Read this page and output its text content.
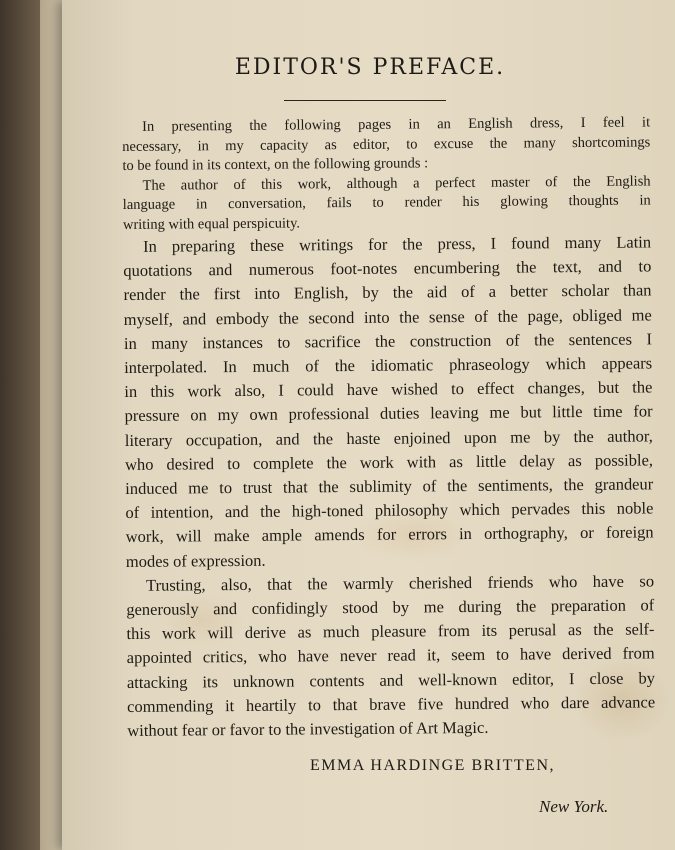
EDITOR'S PREFACE.
In presenting the following pages in an English dress, I feel it
necessary, in my capacity as editor, to excuse the many shortcomings
to be found in its context, on the following grounds :
The author of this work, although a perfect master of the English
language in conversation, fails to render his glowing thoughts in
writing with equal perspicuity.
In preparing these writings for the press, I found many Latin
quotations and numerous foot-notes encumbering the text, and to
render the first into English, by the aid of a better scholar than
myself, and embody the second into the sense of the page, obliged me
in many instances to sacrifice the construction of the sentences I
interpolated. In much of the idiomatic phraseology which appears
in this work also, I could have wished to effect changes, but the
pressure on my own professional duties leaving me but little time for
literary occupation, and the haste enjoined upon me by the author,
who desired to complete the work with as little delay as possible,
induced me to trust that the sublimity of the sentiments, the grandeur
of intention, and the high-toned philosophy which pervades this noble
work, will make ample amends for errors in orthography, or foreign
modes of expression.
Trusting, also, that the warmly cherished friends who have so
generously and confidingly stood by me during the preparation of
this work will derive as much pleasure from its perusal as the self-
appointed critics, who have never read it, seem to have derived from
attacking its unknown contents and well-known editor, I close by
commending it heartily to that brave five hundred who dare advance
without fear or favor to the investigation of Art Magic.
EMMA HARDINGE BRITTEN,
New York.
